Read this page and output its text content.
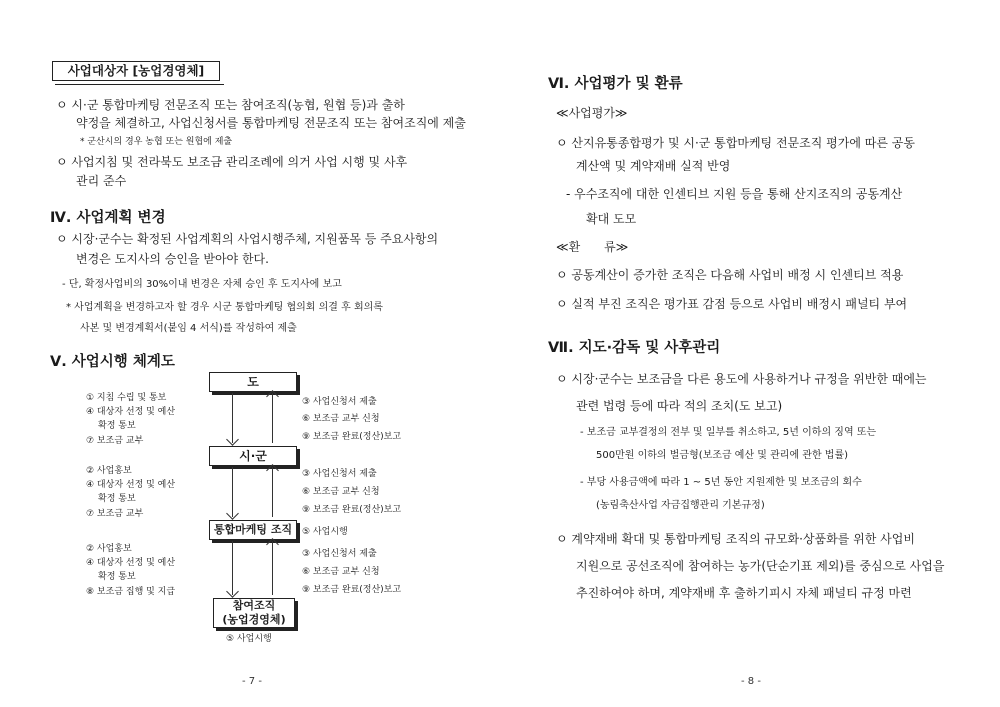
사업대상자 [농업경영체]
ㅇ 시·군 통합마케팅 전문조직 또는 참여조직(농협, 원협 등)과 출하
약정을 체결하고, 사업신청서를 통합마케팅 전문조직 또는 참여조직에 제출
* 군산시의 경우 농협 또는 원협에 제출
ㅇ 사업지침 및 전라북도 보조금 관리조례에 의거 사업 시행 및 사후
관리 준수
Ⅳ. 사업계획 변경
ㅇ 시장·군수는 확정된 사업계획의 사업시행주체, 지원품목 등 주요사항의
변경은 도지사의 승인을 받아야 한다.
- 단, 확정사업비의 30%이내 변경은 자체 승인 후 도지사에 보고
* 사업계획을 변경하고자 할 경우 시군 통합마케팅 협의회 의결 후 회의록
사본 및 변경계획서(붙임 4 서식)를 작성하여 제출
Ⅴ. 사업시행 체계도
도
시·군
통합마케팅 조직
참여조직
(농업경영체)
① 지침 수립 및 통보
④ 대상자 선정 및 예산
확정 통보
⑦ 보조금 교부
② 사업홍보
④ 대상자 선정 및 예산
확정 통보
⑦ 보조금 교부
② 사업홍보
④ 대상자 선정 및 예산
확정 통보
⑧ 보조금 집행 및 지급
③ 사업신청서 제출
⑥ 보조금 교부 신청
⑨ 보조금 완료(정산)보고
③ 사업신청서 제출
⑥ 보조금 교부 신청
⑨ 보조금 완료(정산)보고
⑤ 사업시행
③ 사업신청서 제출
⑥ 보조금 교부 신청
⑨ 보조금 완료(정산)보고
⑤ 사업시행
- 7 -
Ⅵ. 사업평가 및 환류
≪사업평가≫
ㅇ 산지유통종합평가 및 시·군 통합마케팅 전문조직 평가에 따른 공동
계산액 및 계약재배 실적 반영
- 우수조직에 대한 인센티브 지원 등을 통해 산지조직의 공동계산
확대 도모
≪환　　류≫
ㅇ 공동계산이 증가한 조직은 다음해 사업비 배정 시 인센티브 적용
ㅇ 실적 부진 조직은 평가표 감점 등으로 사업비 배정시 패널티 부여
Ⅶ. 지도·감독 및 사후관리
ㅇ 시장·군수는 보조금을 다른 용도에 사용하거나 규정을 위반한 때에는
관련 법령 등에 따라 적의 조치(도 보고)
- 보조금 교부결정의 전부 및 일부를 취소하고, 5년 이하의 징역 또는
500만원 이하의 벌금형(보조금 예산 및 관리에 관한 법률)
- 부당 사용금액에 따라 1 ~ 5년 동안 지원제한 및 보조금의 회수
(농림축산사업 자금집행관리 기본규정)
ㅇ 계약재배 확대 및 통합마케팅 조직의 규모화·상품화를 위한 사업비
지원으로 공선조직에 참여하는 농가(단순기표 제외)를 중심으로 사업을
추진하여야 하며, 계약재배 후 출하기피시 자체 패널티 규정 마련
- 8 -
